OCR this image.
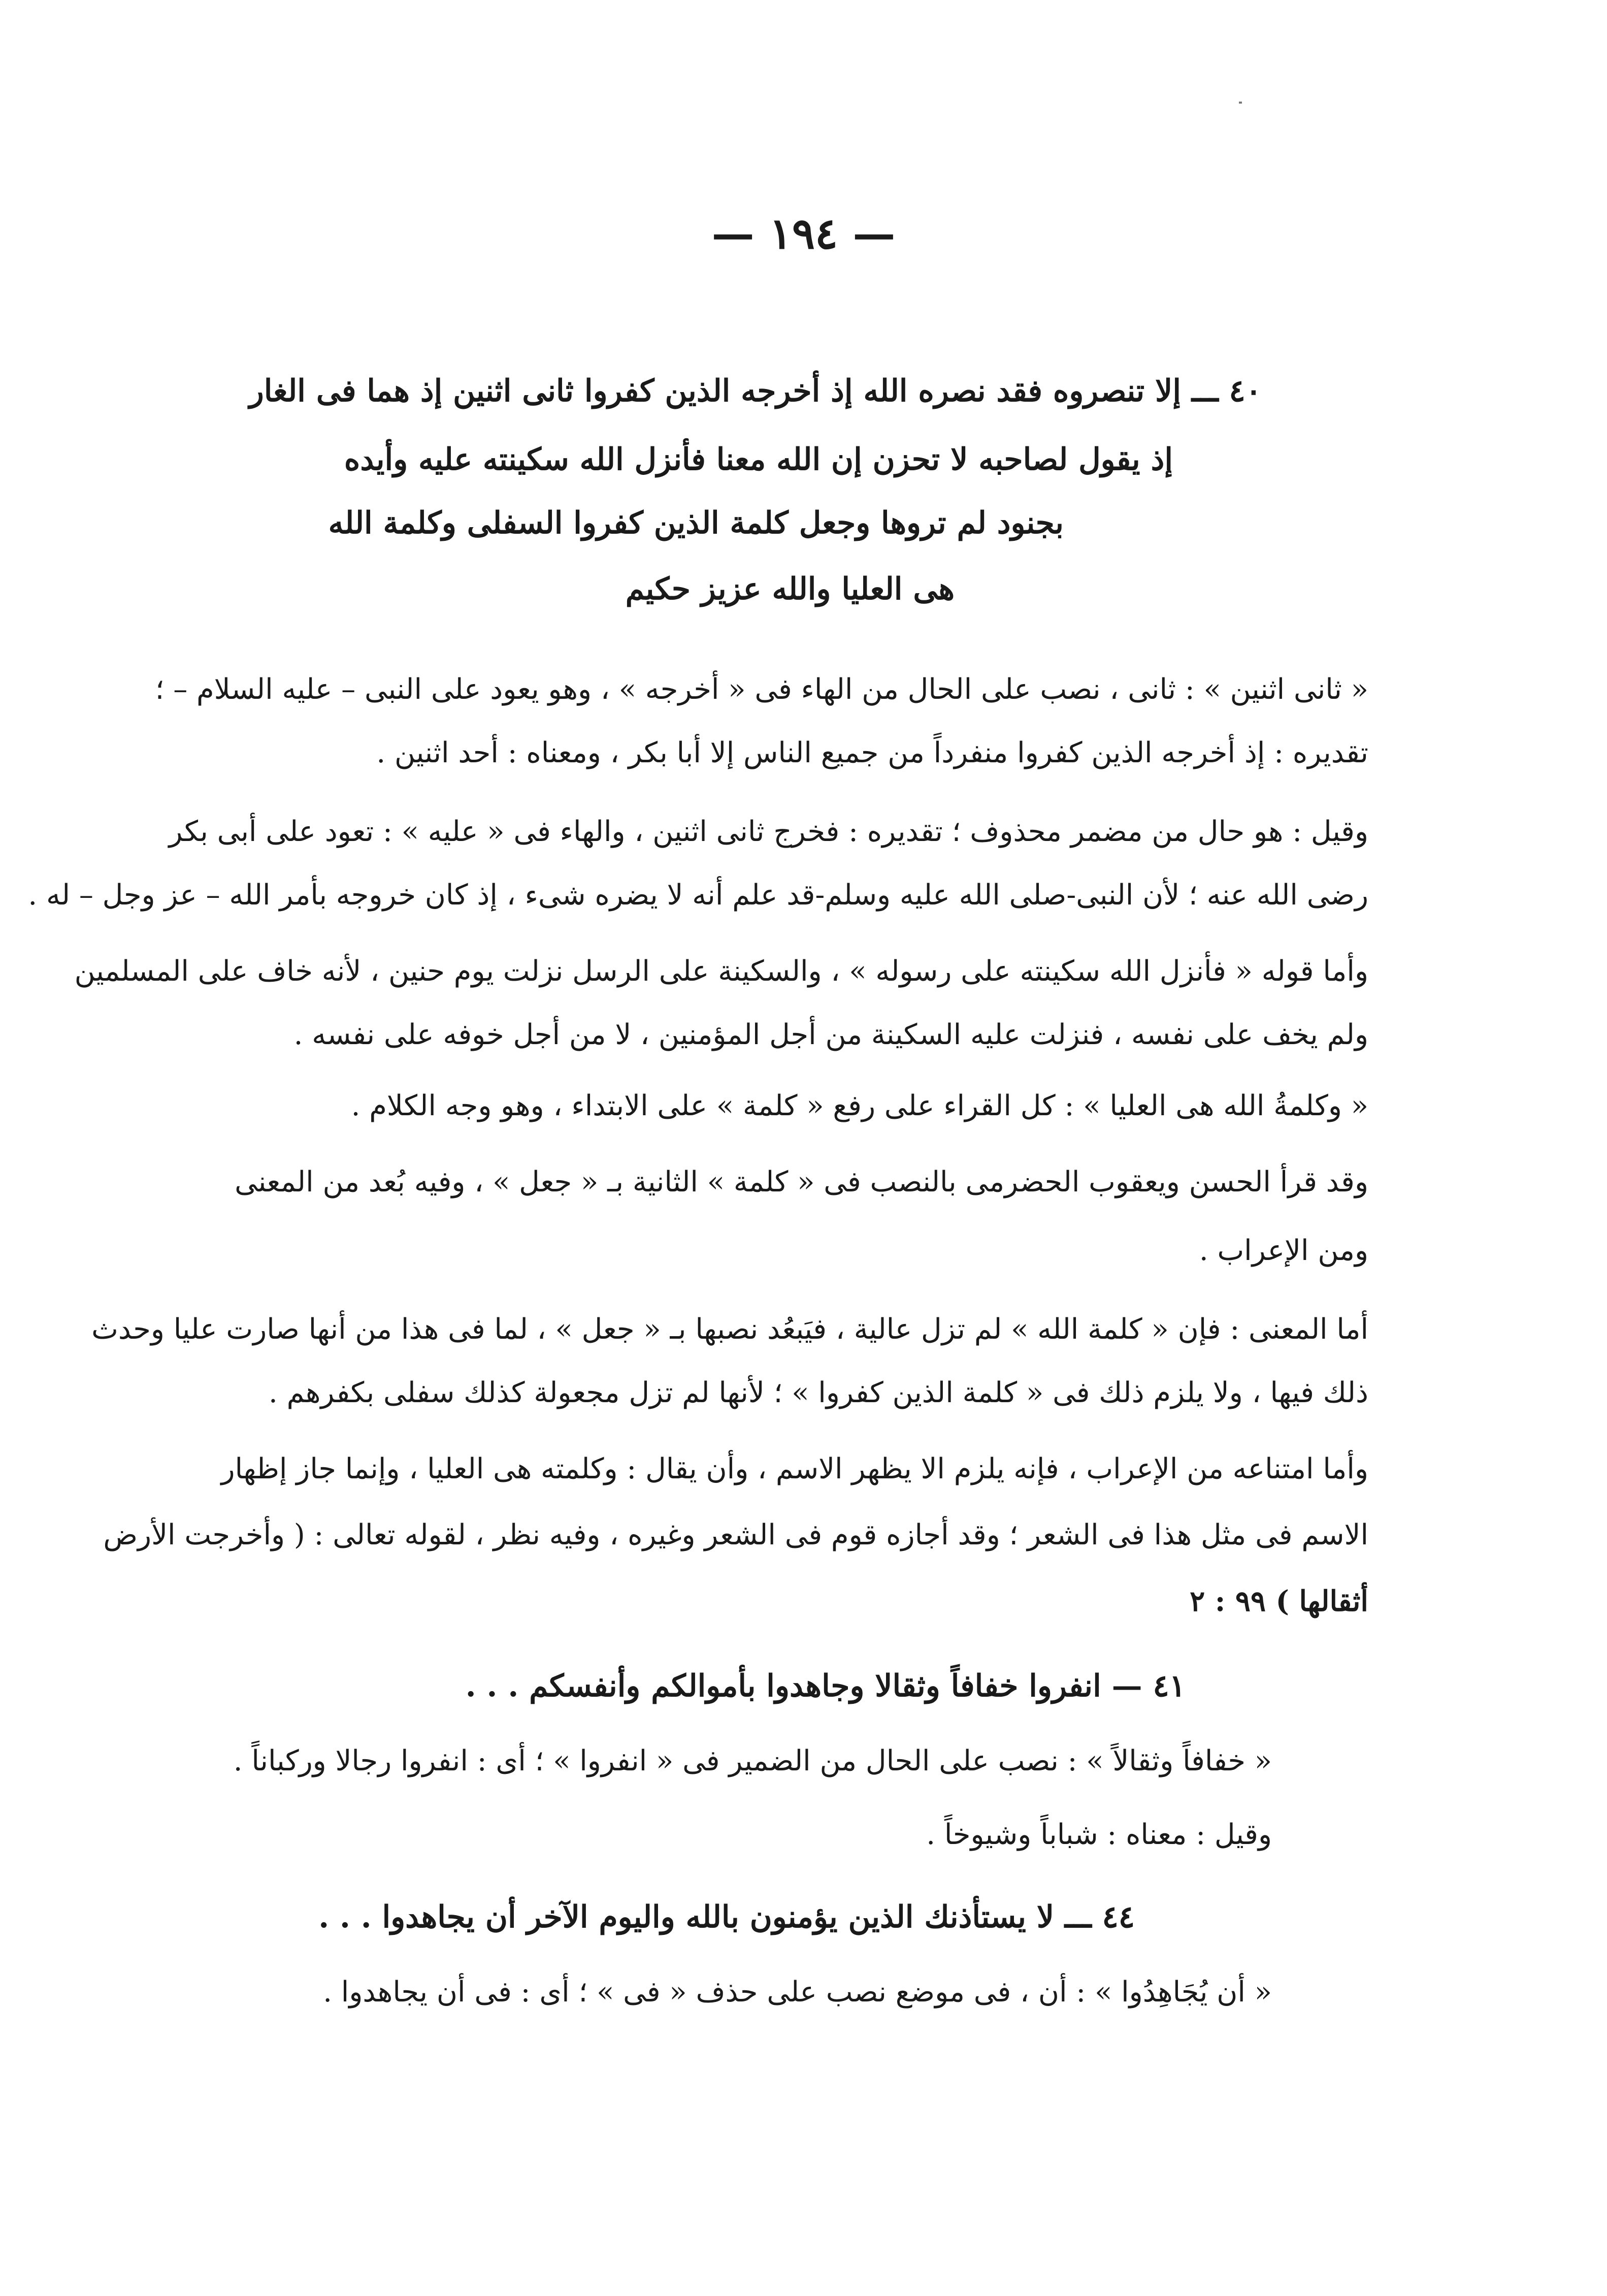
— ١٩٤ —
٤٠ ـــ إلا تنصروه فقد نصره الله إذ أخرجه الذين كفروا ثانى اثنين إذ هما فى الغار
إذ يقول لصاحبه لا تحزن إن الله معنا فأنزل الله سكينته عليه وأيده
بجنود لم تروها وجعل كلمة الذين كفروا السفلى وكلمة الله
هى العليا والله عزيز حكيم
« ثانى اثنين » : ثانى ، نصب على الحال من الهاء فى « أخرجه » ، وهو يعود على النبى – عليه السلام – ؛
تقديره : إذ أخرجه الذين كفروا منفرداً من جميع الناس إلا أبا بكر ، ومعناه : أحد اثنين .
وقيل : هو حال من مضمر محذوف ؛ تقديره : فخرج ثانى اثنين ، والهاء فى « عليه » : تعود على أبى بكر
رضى الله عنه ؛ لأن النبى-صلى الله عليه وسلم-قد علم أنه لا يضره شىء ، إذ كان خروجه بأمر الله – عز وجل – له .
وأما قوله « فأنزل الله سكينته على رسوله » ، والسكينة على الرسل نزلت يوم حنين ، لأنه خاف على المسلمين
ولم يخف على نفسه ، فنزلت عليه السكينة من أجل المؤمنين ، لا من أجل خوفه على نفسه .
« وكلمةُ الله هى العليا » : كل القراء على رفع « كلمة » على الابتداء ، وهو وجه الكلام .
وقد قرأ الحسن ويعقوب الحضرمى بالنصب فى « كلمة » الثانية بـ « جعل » ، وفيه بُعد من المعنى
ومن الإعراب .
أما المعنى : فإن « كلمة الله » لم تزل عالية ، فيَبعُد نصبها بـ « جعل » ، لما فى هذا من أنها صارت عليا وحدث
ذلك فيها ، ولا يلزم ذلك فى « كلمة الذين كفروا » ؛ لأنها لم تزل مجعولة كذلك سفلى بكفرهم .
وأما امتناعه من الإعراب ، فإنه يلزم الا يظهر الاسم ، وأن يقال : وكلمته هى العليا ، وإنما جاز إظهار
الاسم فى مثل هذا فى الشعر ؛ وقد أجازه قوم فى الشعر وغيره ، وفيه نظر ، لقوله تعالى : ( وأخرجت الأرض
أثقالها ) ٩٩ : ٢
٤١ — انفروا خفافاً وثقالا وجاهدوا بأموالكم وأنفسكم . . .
« خفافاً وثقالاً » : نصب على الحال من الضمير فى « انفروا » ؛ أى : انفروا رجالا وركباناً .
وقيل : معناه : شباباً وشيوخاً .
٤٤ ـــ لا يستأذنك الذين يؤمنون بالله واليوم الآخر أن يجاهدوا . . .
« أن يُجَاهِدُوا » : أن ، فى موضع نصب على حذف « فى » ؛ أى : فى أن يجاهدوا .
